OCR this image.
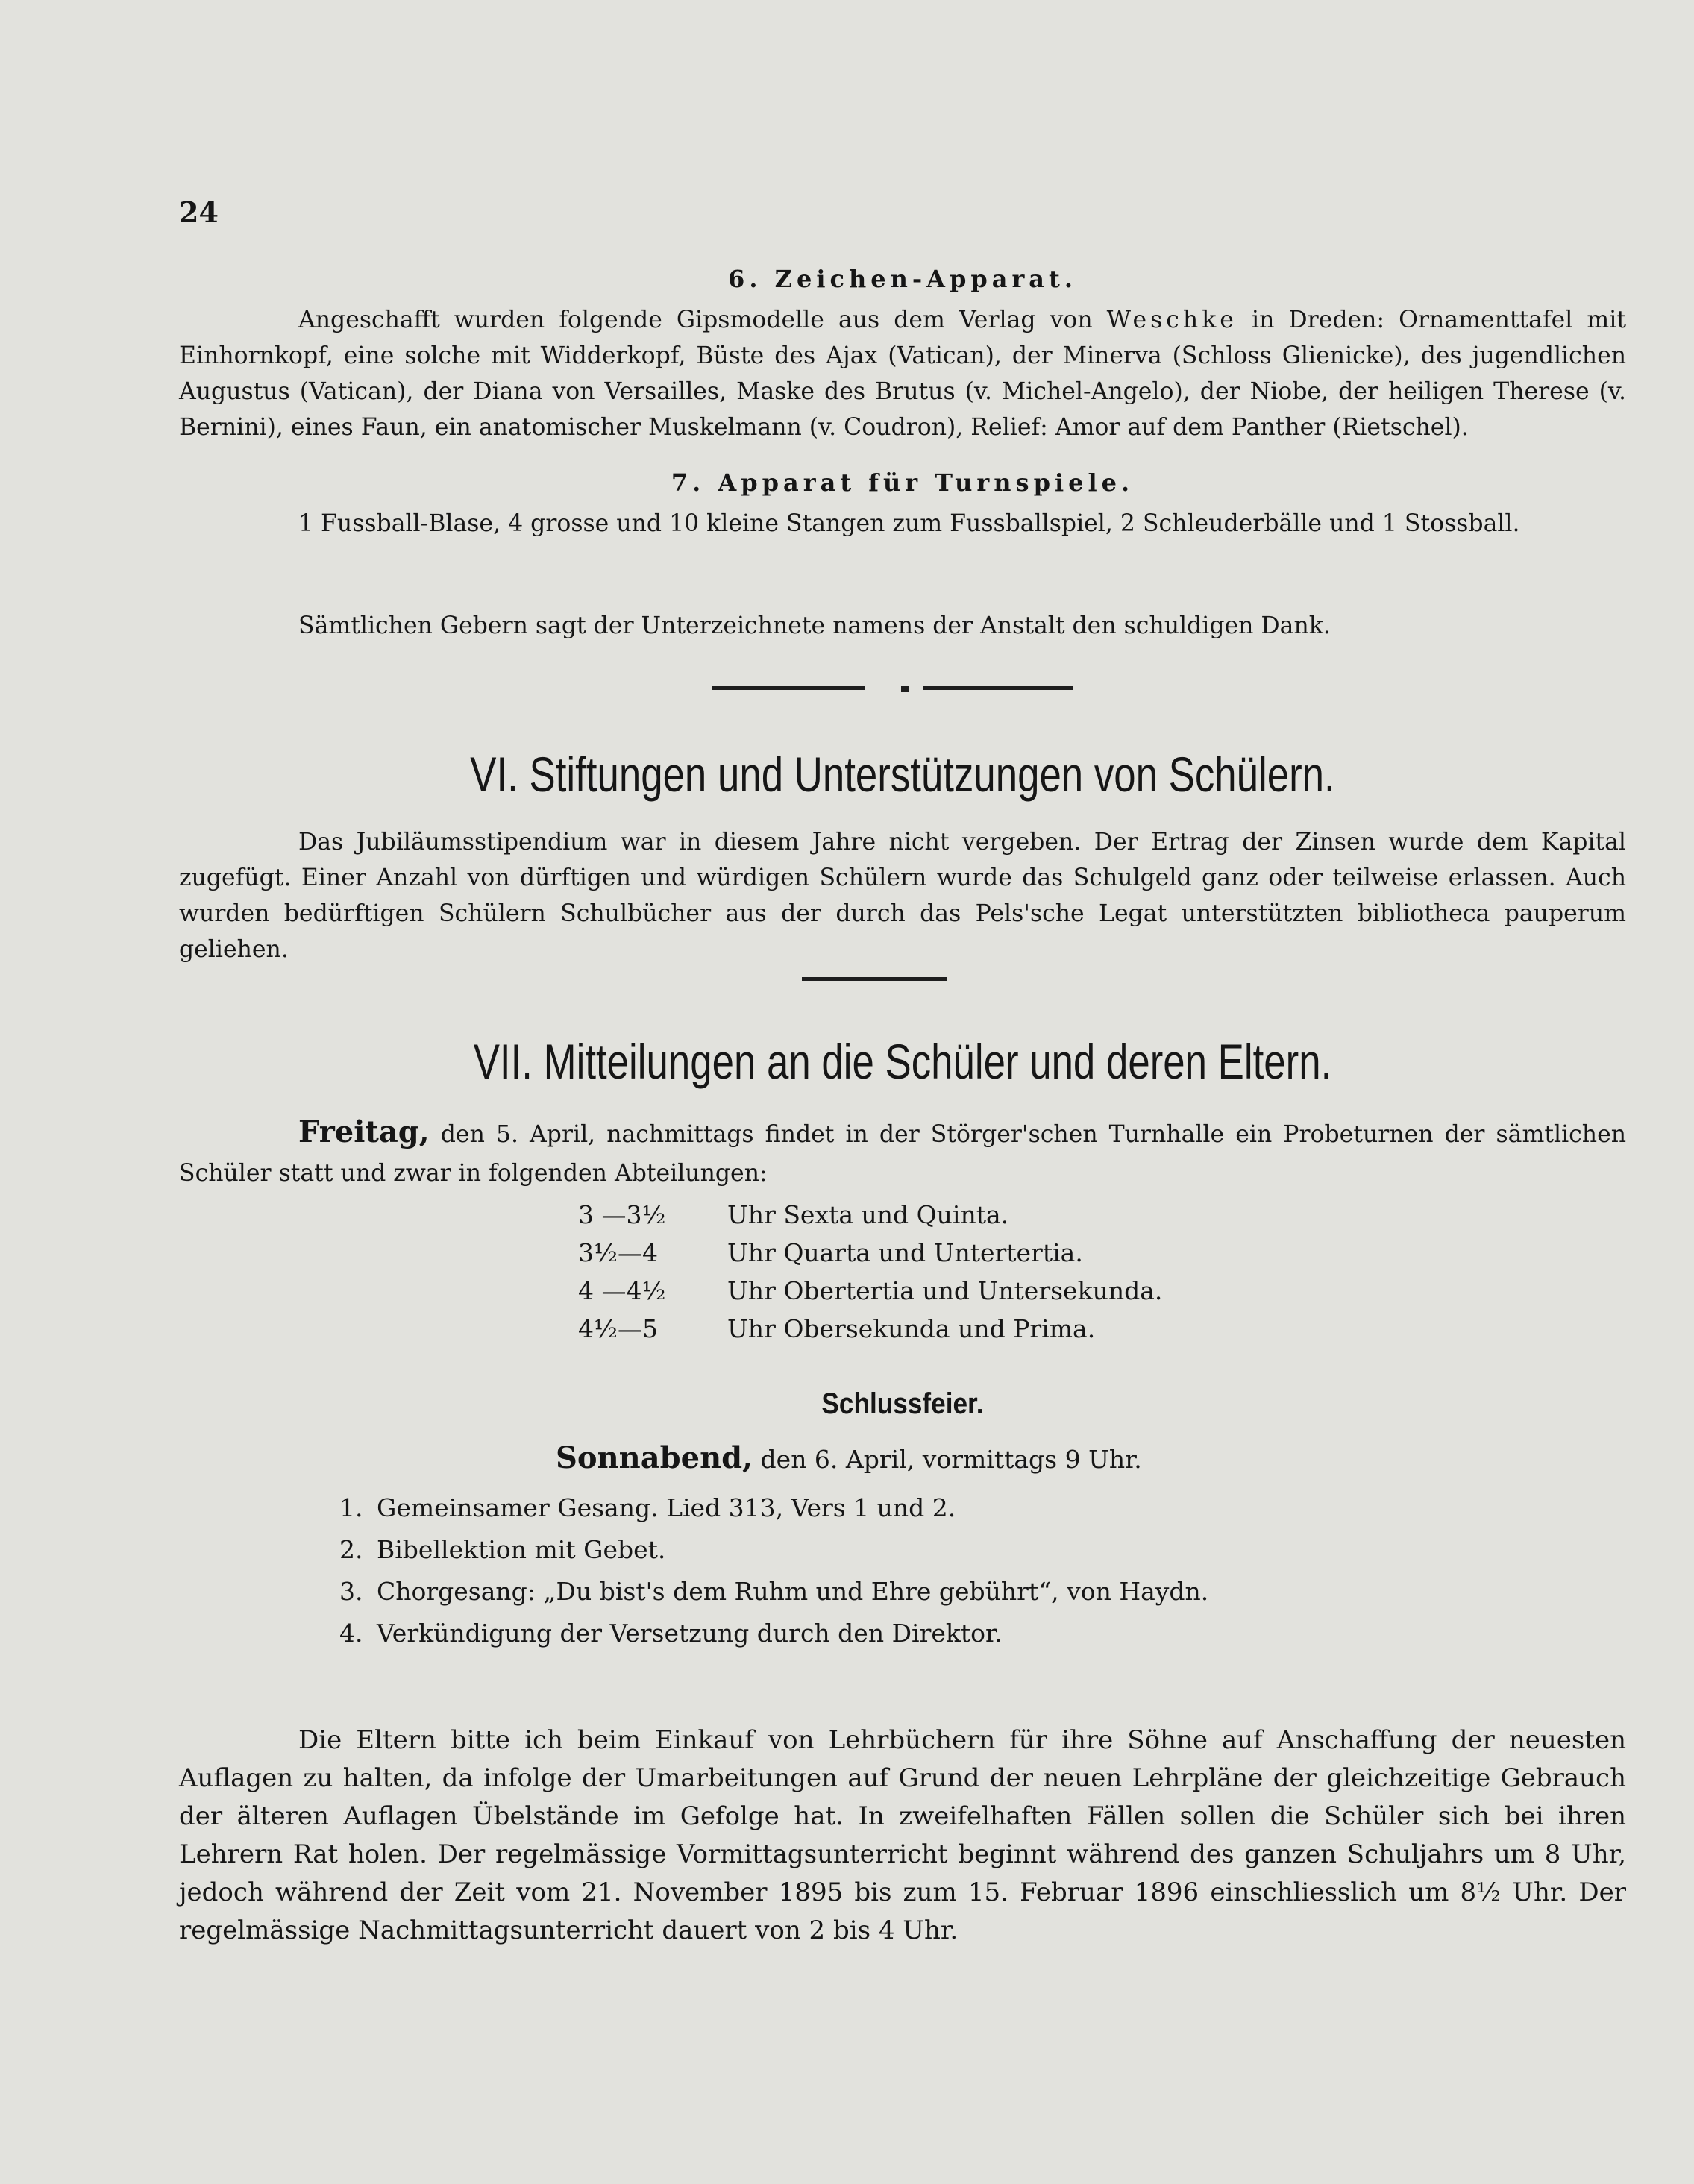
24
6. Zeichen-Apparat.
Angeschafft wurden folgende Gipsmodelle aus dem Verlag von Weschke in Dreden: Ornamenttafel mit Einhornkopf, eine solche mit Widderkopf, Büste des Ajax (Vatican), der Minerva (Schloss Glienicke), des jugendlichen Augustus (Vatican), der Diana von Versailles, Maske des Brutus (v. Michel-Angelo), der Niobe, der heiligen Therese (v. Bernini), eines Faun, ein anatomischer Muskelmann (v. Coudron), Relief: Amor auf dem Panther (Rietschel).
7. Apparat für Turnspiele.
1 Fussball-Blase, 4 grosse und 10 kleine Stangen zum Fussballspiel, 2 Schleuderbälle und 1 Stossball.
Sämtlichen Gebern sagt der Unterzeichnete namens der Anstalt den schuldigen Dank.
VI. Stiftungen und Unterstützungen von Schülern.
Das Jubiläumsstipendium war in diesem Jahre nicht vergeben. Der Ertrag der Zinsen wurde dem Kapital zugefügt. Einer Anzahl von dürftigen und würdigen Schülern wurde das Schulgeld ganz oder teilweise erlassen. Auch wurden bedürftigen Schülern Schulbücher aus der durch das Pels'sche Legat unterstützten bibliotheca pauperum geliehen.
VII. Mitteilungen an die Schüler und deren Eltern.
Freitag, den 5. April, nachmittags findet in der Störger'schen Turnhalle ein Probeturnen der sämtlichen Schüler statt und zwar in folgenden Abteilungen:
3 —3½	Uhr Sexta und Quinta.
3½—4	Uhr Quarta und Untertertia.
4 —4½	Uhr Obertertia und Untersekunda.
4½—5	Uhr Obersekunda und Prima.
Schlussfeier.
Sonnabend, den 6. April, vormittags 9 Uhr.
1. Gemeinsamer Gesang. Lied 313, Vers 1 und 2.
2. Bibellektion mit Gebet.
3. Chorgesang: „Du bist's dem Ruhm und Ehre gebührt“, von Haydn.
4. Verkündigung der Versetzung durch den Direktor.
Die Eltern bitte ich beim Einkauf von Lehrbüchern für ihre Söhne auf Anschaffung der neuesten Auflagen zu halten, da infolge der Umarbeitungen auf Grund der neuen Lehrpläne der gleichzeitige Gebrauch der älteren Auflagen Übelstände im Gefolge hat. In zweifelhaften Fällen sollen die Schüler sich bei ihren Lehrern Rat holen. Der regelmässige Vormittagsunterricht beginnt während des ganzen Schuljahrs um 8 Uhr, jedoch während der Zeit vom 21. November 1895 bis zum 15. Februar 1896 einschliesslich um 8½ Uhr. Der regelmässige Nachmittagsunterricht dauert von 2 bis 4 Uhr.
